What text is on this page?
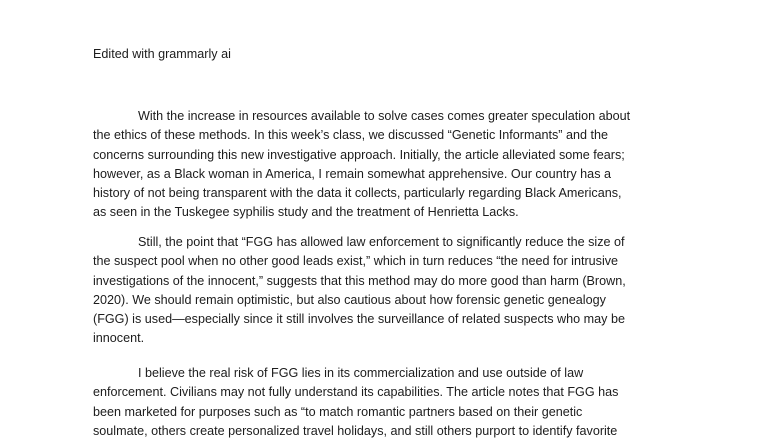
Edited with grammarly ai
With the increase in resources available to solve cases comes greater speculation about
the ethics of these methods. In this week’s class, we discussed “Genetic Informants” and the
concerns surrounding this new investigative approach. Initially, the article alleviated some fears;
however, as a Black woman in America, I remain somewhat apprehensive. Our country has a
history of not being transparent with the data it collects, particularly regarding Black Americans,
as seen in the Tuskegee syphilis study and the treatment of Henrietta Lacks.
Still, the point that “FGG has allowed law enforcement to significantly reduce the size of
the suspect pool when no other good leads exist,” which in turn reduces “the need for intrusive
investigations of the innocent,” suggests that this method may do more good than harm (Brown,
2020). We should remain optimistic, but also cautious about how forensic genetic genealogy
(FGG) is used—especially since it still involves the surveillance of related suspects who may be
innocent.
I believe the real risk of FGG lies in its commercialization and use outside of law
enforcement. Civilians may not fully understand its capabilities. The article notes that FGG has
been marketed for purposes such as “to match romantic partners based on their genetic
soulmate, others create personalized travel holidays, and still others purport to identify favorite
